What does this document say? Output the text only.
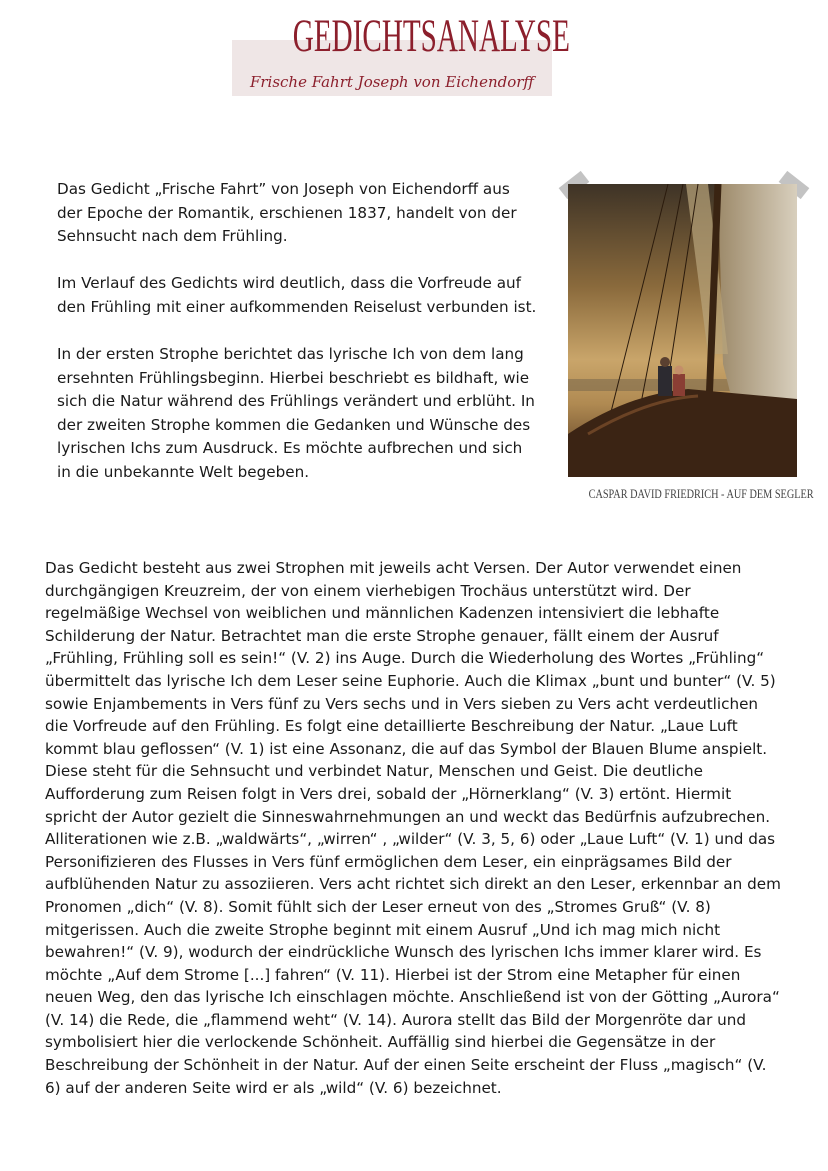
GEDICHTSANALYSE
Frische Fahrt Joseph von Eichendorff

Das Gedicht „Frische Fahrt” von Joseph von Eichendorff aus der Epoche der Romantik, erschienen 1837, handelt von der Sehnsucht nach dem Frühling.

Im Verlauf des Gedichts wird deutlich, dass die Vorfreude auf den Frühling mit einer aufkommenden Reiselust verbunden ist.

In der ersten Strophe berichtet das lyrische Ich von dem lang ersehnten Frühlingsbeginn. Hierbei beschriebt es bildhaft, wie sich die Natur während des Frühlings verändert und erblüht. In der zweiten Strophe kommen die Gedanken und Wünsche des lyrischen Ichs zum Ausdruck. Es möchte aufbrechen und sich in die unbekannte Welt begeben.

CASPAR DAVID FRIEDRICH - AUF DEM SEGLER

Das Gedicht besteht aus zwei Strophen mit jeweils acht Versen. Der Autor verwendet einen durchgängigen Kreuzreim, der von einem vierhebigen Trochäus unterstützt wird. Der regelmäßige Wechsel von weiblichen und männlichen Kadenzen intensiviert die lebhafte Schilderung der Natur. Betrachtet man die erste Strophe genauer, fällt einem der Ausruf „Frühling, Frühling soll es sein!“ (V. 2) ins Auge. Durch die Wiederholung des Wortes „Frühling“ übermittelt das lyrische Ich dem Leser seine Euphorie. Auch die Klimax „bunt und bunter“ (V. 5) sowie Enjambements in Vers fünf zu Vers sechs und in Vers sieben zu Vers acht verdeutlichen die Vorfreude auf den Frühling. Es folgt eine detaillierte Beschreibung der Natur. „Laue Luft kommt blau geflossen“ (V. 1) ist eine Assonanz, die auf das Symbol der Blauen Blume anspielt. Diese steht für die Sehnsucht und verbindet Natur, Menschen und Geist. Die deutliche Aufforderung zum Reisen folgt in Vers drei, sobald der „Hörnerklang“ (V. 3) ertönt. Hiermit spricht der Autor gezielt die Sinneswahrnehmungen an und weckt das Bedürfnis aufzubrechen. Alliterationen wie z.B. „waldwärts“, „wirren“ , „wilder“ (V. 3, 5, 6) oder „Laue Luft“ (V. 1) und das Personifizieren des Flusses in Vers fünf ermöglichen dem Leser, ein einprägsames Bild der aufblühenden Natur zu assoziieren. Vers acht richtet sich direkt an den Leser, erkennbar an dem Pronomen „dich“ (V. 8). Somit fühlt sich der Leser erneut von des „Stromes Gruß“ (V. 8) mitgerissen. Auch die zweite Strophe beginnt mit einem Ausruf „Und ich mag mich nicht bewahren!“ (V. 9), wodurch der eindrückliche Wunsch des lyrischen Ichs immer klarer wird. Es möchte „Auf dem Strome [...] fahren“ (V. 11). Hierbei ist der Strom eine Metapher für einen neuen Weg, den das lyrische Ich einschlagen möchte. Anschließend ist von der Götting „Aurora“ (V. 14) die Rede, die „flammend weht“ (V. 14). Aurora stellt das Bild der Morgenröte dar und symbolisiert hier die verlockende Schönheit. Auffällig sind hierbei die Gegensätze in der Beschreibung der Schönheit in der Natur. Auf der einen Seite erscheint der Fluss „magisch“ (V. 6) auf der anderen Seite wird er als „wild“ (V. 6) bezeichnet.
